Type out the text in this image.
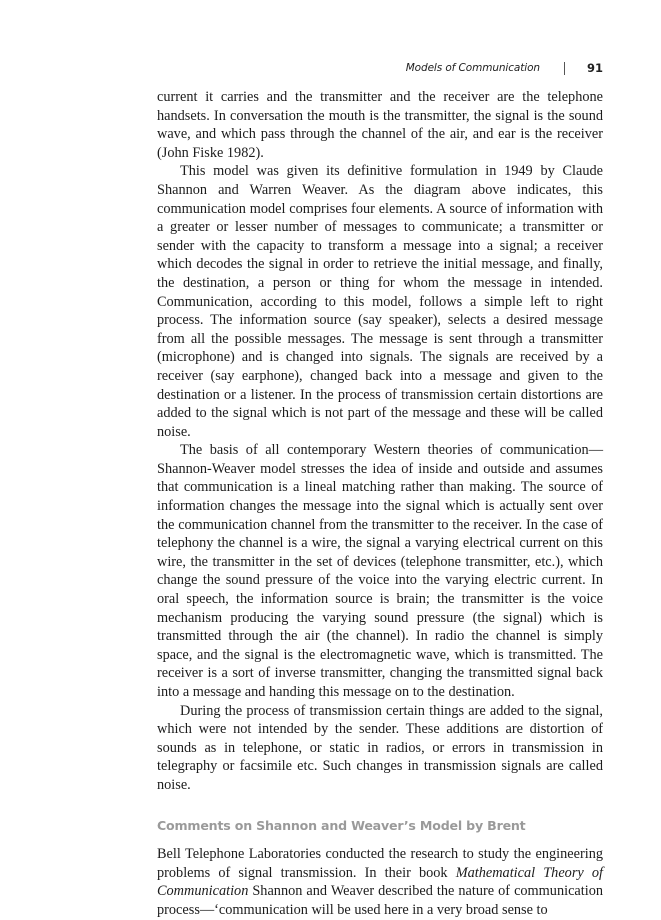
Models of Communication	91

current it carries and the transmitter and the receiver are the telephone handsets. In conversation the mouth is the transmitter, the signal is the sound wave, and which pass through the channel of the air, and ear is the receiver (John Fiske 1982).

This model was given its definitive formulation in 1949 by Claude Shannon and Warren Weaver. As the diagram above indicates, this communication model comprises four elements. A source of information with a greater or lesser number of messages to communicate; a transmitter or sender with the capacity to transform a message into a signal; a receiver which decodes the signal in order to retrieve the initial message, and finally, the destination, a person or thing for whom the message in intended. Communication, according to this model, follows a simple left to right process. The information source (say speaker), selects a desired message from all the possible messages. The message is sent through a transmitter (microphone) and is changed into signals. The signals are received by a receiver (say earphone), changed back into a message and given to the destination or a listener. In the process of transmission certain distortions are added to the signal which is not part of the message and these will be called noise.

The basis of all contemporary Western theories of communication—Shannon-Weaver model stresses the idea of inside and outside and assumes that communication is a lineal matching rather than making. The source of information changes the message into the signal which is actually sent over the communication channel from the transmitter to the receiver. In the case of telephony the channel is a wire, the signal a varying electrical current on this wire, the transmitter in the set of devices (telephone transmitter, etc.), which change the sound pressure of the voice into the varying electric current. In oral speech, the information source is brain; the transmitter is the voice mechanism producing the varying sound pressure (the signal) which is transmitted through the air (the channel). In radio the channel is simply space, and the signal is the electromagnetic wave, which is transmitted. The receiver is a sort of inverse transmitter, changing the transmitted signal back into a message and handing this message on to the destination.

During the process of transmission certain things are added to the signal, which were not intended by the sender. These additions are distortion of sounds as in telephone, or static in radios, or errors in transmission in telegraphy or facsimile etc. Such changes in transmission signals are called noise.

Comments on Shannon and Weaver’s Model by Brent

Bell Telephone Laboratories conducted the research to study the engineering problems of signal transmission. In their book Mathematical Theory of Communication Shannon and Weaver described the nature of communication process—‘communication will be used here in a very broad sense to
